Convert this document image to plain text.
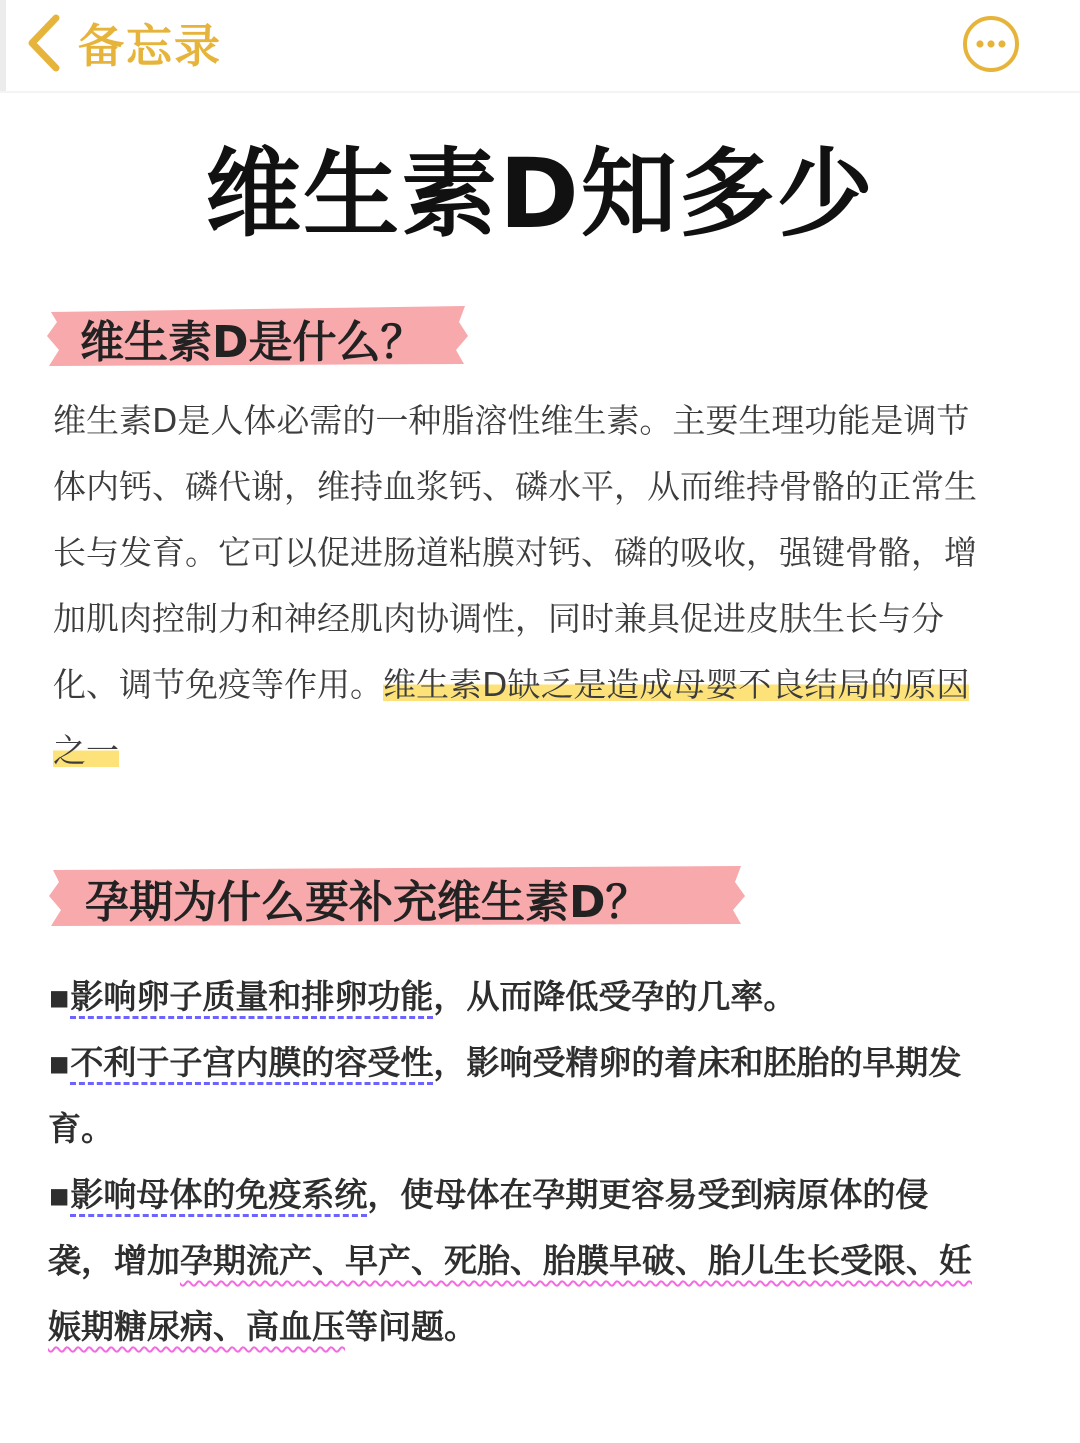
备忘录
维生素D知多少
维生素D是什么？
维生素D是人体必需的一种脂溶性维生素。主要生理功能是调节
体内钙、磷代谢，维持血浆钙、磷水平，从而维持骨骼的正常生
长与发育。它可以促进肠道粘膜对钙、磷的吸收，强键骨骼，增
加肌肉控制力和神经肌肉协调性，同时兼具促进皮肤生长与分
化、调节免疫等作用。维生素D缺乏是造成母婴不良结局的原因
之一
孕期为什么要补充维生素D？
▪影响卵子质量和排卵功能，从而降低受孕的几率。
▪不利于子宫内膜的容受性，影响受精卵的着床和胚胎的早期发
育。
▪影响母体的免疫系统，使母体在孕期更容易受到病原体的侵
袭，增加孕期流产、早产、死胎、胎膜早破、胎儿生长受限、妊
娠期糖尿病、高血压等问题。
